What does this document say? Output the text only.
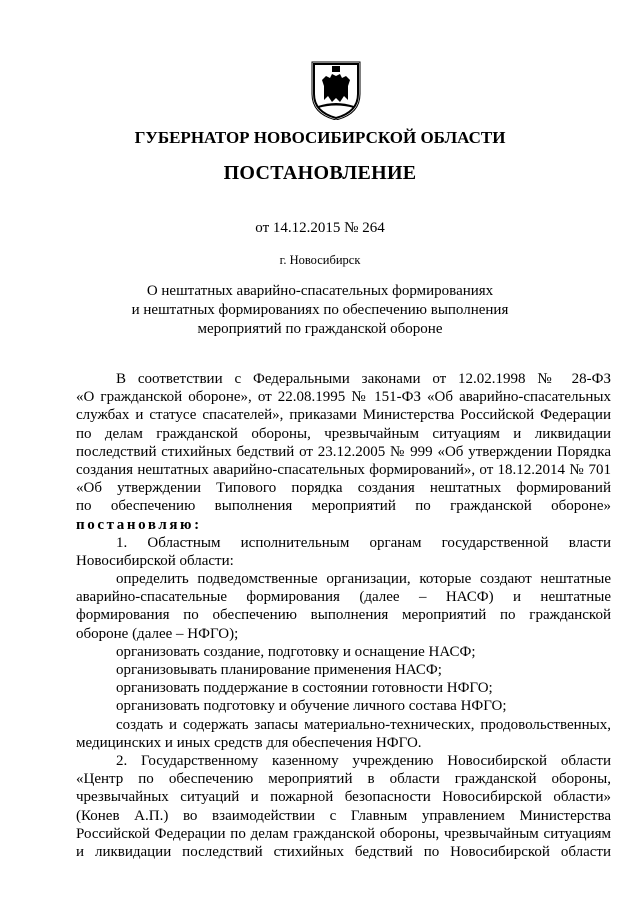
ГУБЕРНАТОР НОВОСИБИРСКОЙ ОБЛАСТИ
ПОСТАНОВЛЕНИЕ
от 14.12.2015 № 264
г. Новосибирск
О нештатных аварийно-спасательных формированиях
и нештатных формированиях по обеспечению выполнения
мероприятий по гражданской обороне
В соответствии с Федеральными законами от 12.02.1998 № 28-ФЗ
«О гражданской обороне», от 22.08.1995 № 151-ФЗ «Об аварийно-спасательных
службах и статусе спасателей», приказами Министерства Российской Федерации
по делам гражданской обороны, чрезвычайным ситуациям и ликвидации
последствий стихийных бедствий от 23.12.2005 № 999 «Об утверждении Порядка
создания нештатных аварийно-спасательных формирований», от 18.12.2014 № 701
«Об утверждении Типового порядка создания нештатных формирований
по обеспечению выполнения мероприятий по гражданской обороне»
постановляю:
1. Областным исполнительным органам государственной власти
Новосибирской области:
определить подведомственные организации, которые создают нештатные
аварийно-спасательные формирования (далее – НАСФ) и нештатные
формирования по обеспечению выполнения мероприятий по гражданской
обороне (далее – НФГО);
организовать создание, подготовку и оснащение НАСФ;
организовывать планирование применения НАСФ;
организовать поддержание в состоянии готовности НФГО;
организовать подготовку и обучение личного состава НФГО;
создать и содержать запасы материально-технических, продовольственных,
медицинских и иных средств для обеспечения НФГО.
2. Государственному казенному учреждению Новосибирской области
«Центр по обеспечению мероприятий в области гражданской обороны,
чрезвычайных ситуаций и пожарной безопасности Новосибирской области»
(Конев А.П.) во взаимодействии с Главным управлением Министерства
Российской Федерации по делам гражданской обороны, чрезвычайным ситуациям
и ликвидации последствий стихийных бедствий по Новосибирской области
